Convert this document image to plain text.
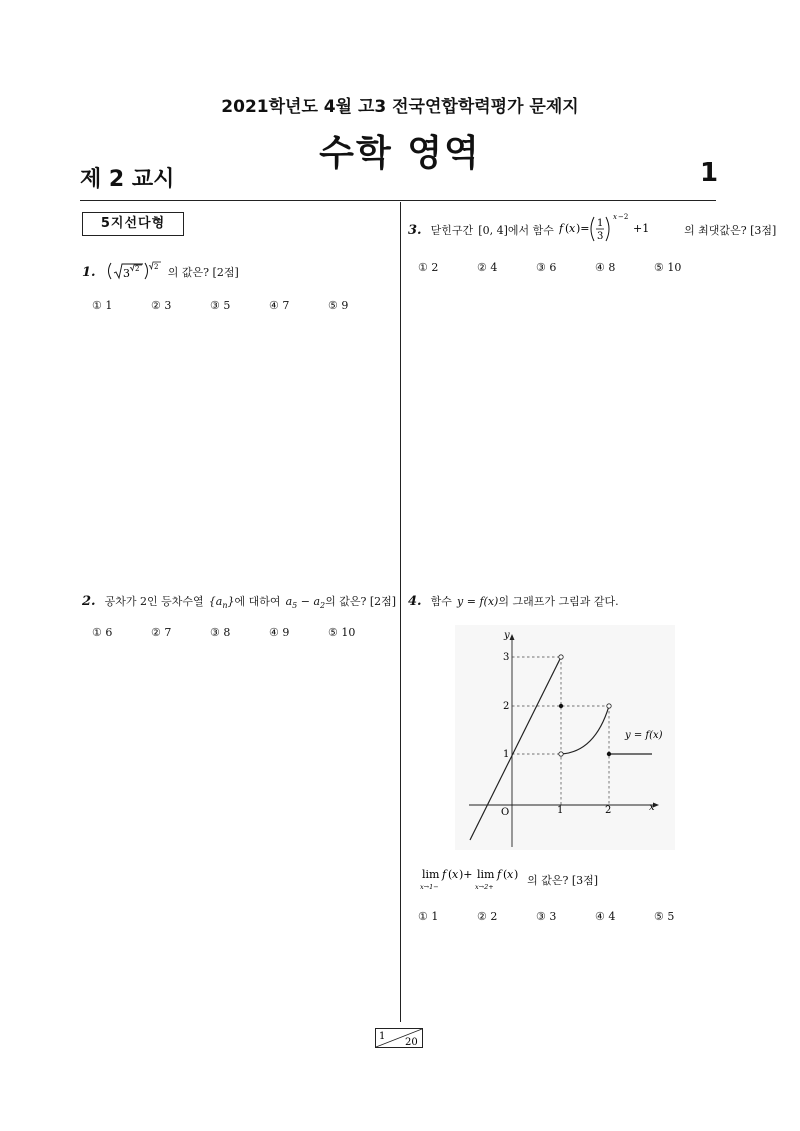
2021학년도 4월 고3 전국연합학력평가 문제지
수학 영역
제 2 교시	1
5지선다형
1. 3 2 2 의 값은? [2점]
① 1	② 3	③ 5	④ 7	⑤ 9
2. 공차가 2인 등차수열 $\{a_n\}$에 대하여 $a_5 - a_2$의 값은? [2점]
① 6	② 7	③ 8	④ 9	⑤ 10
3. 닫힌구간 [0, 4]에서 함수 f ( x )= 1
3
x −2
+1	의 최댓값은? [3점]
① 2	② 4	③ 6	④ 8	⑤ 10
4. 함수 y = f(x)의 그래프가 그림과 같다.
y
x
O	1	2
1
2
3
y = f(x)
lim
x→1−
f ( x )+ lim
x→2+
f ( x ) 의 값은? [3점]
① 1	② 2	③ 3	④ 4	⑤ 5
1
20
